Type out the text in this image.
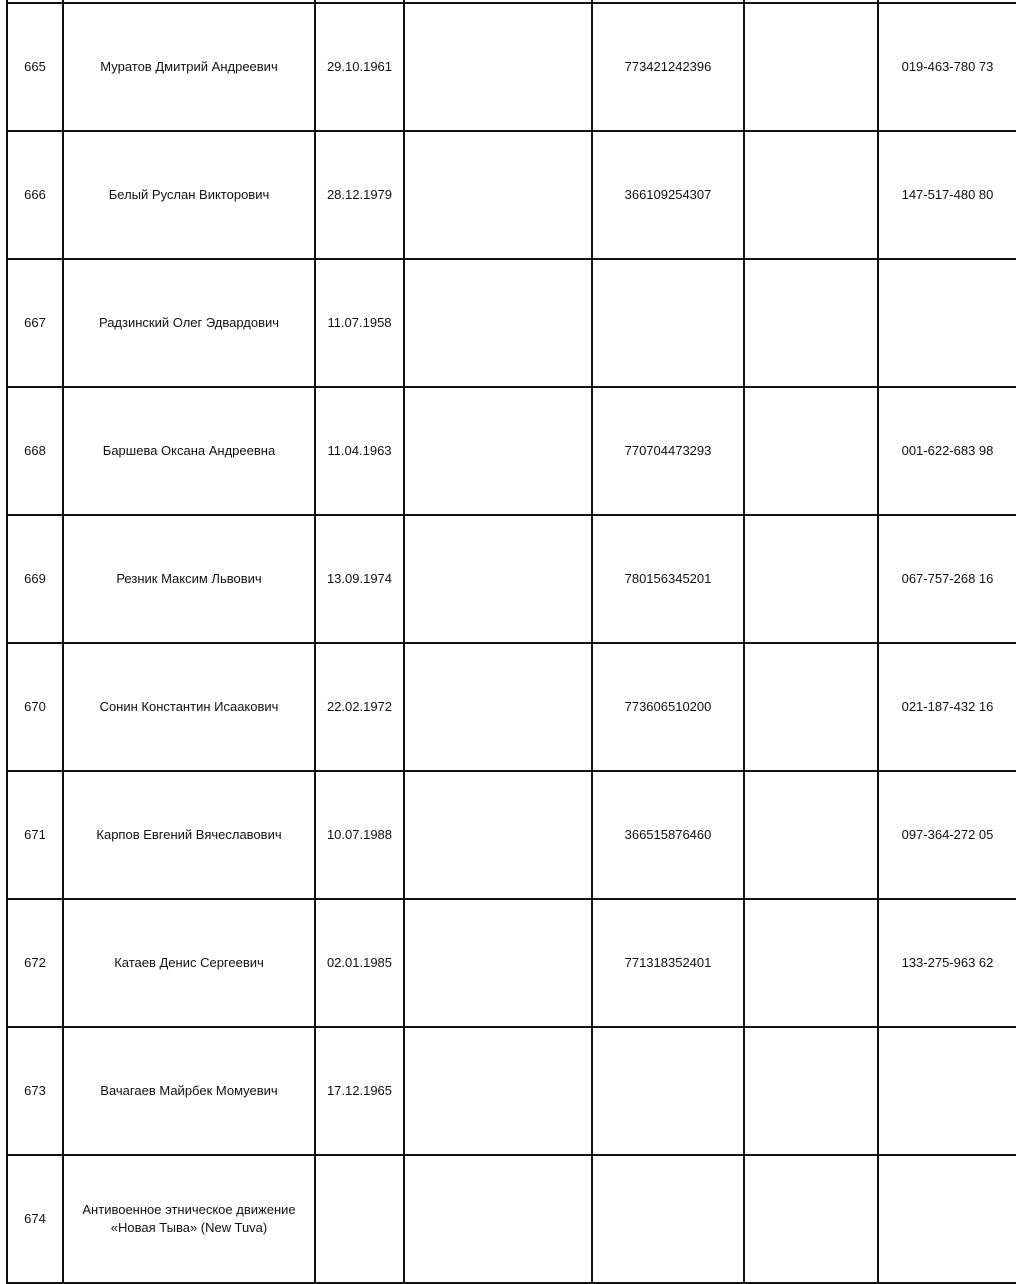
665	Муратов Дмитрий Андреевич	29.10.1961		773421242396		019-463-780 73
666	Белый Руслан Викторович	28.12.1979		366109254307		147-517-480 80
667	Радзинский Олег Эдвардович	11.07.1958				
668	Баршева Оксана Андреевна	11.04.1963		770704473293		001-622-683 98
669	Резник Максим Львович	13.09.1974		780156345201		067-757-268 16
670	Сонин Константин Исаакович	22.02.1972		773606510200		021-187-432 16
671	Карпов Евгений Вячеславович	10.07.1988		366515876460		097-364-272 05
672	Катаев Денис Сергеевич	02.01.1985		771318352401		133-275-963 62
673	Вачагаев Майрбек Момуевич	17.12.1965				
674	Антивоенное этническое движение
«Новая Тыва» (New Tuva)					
